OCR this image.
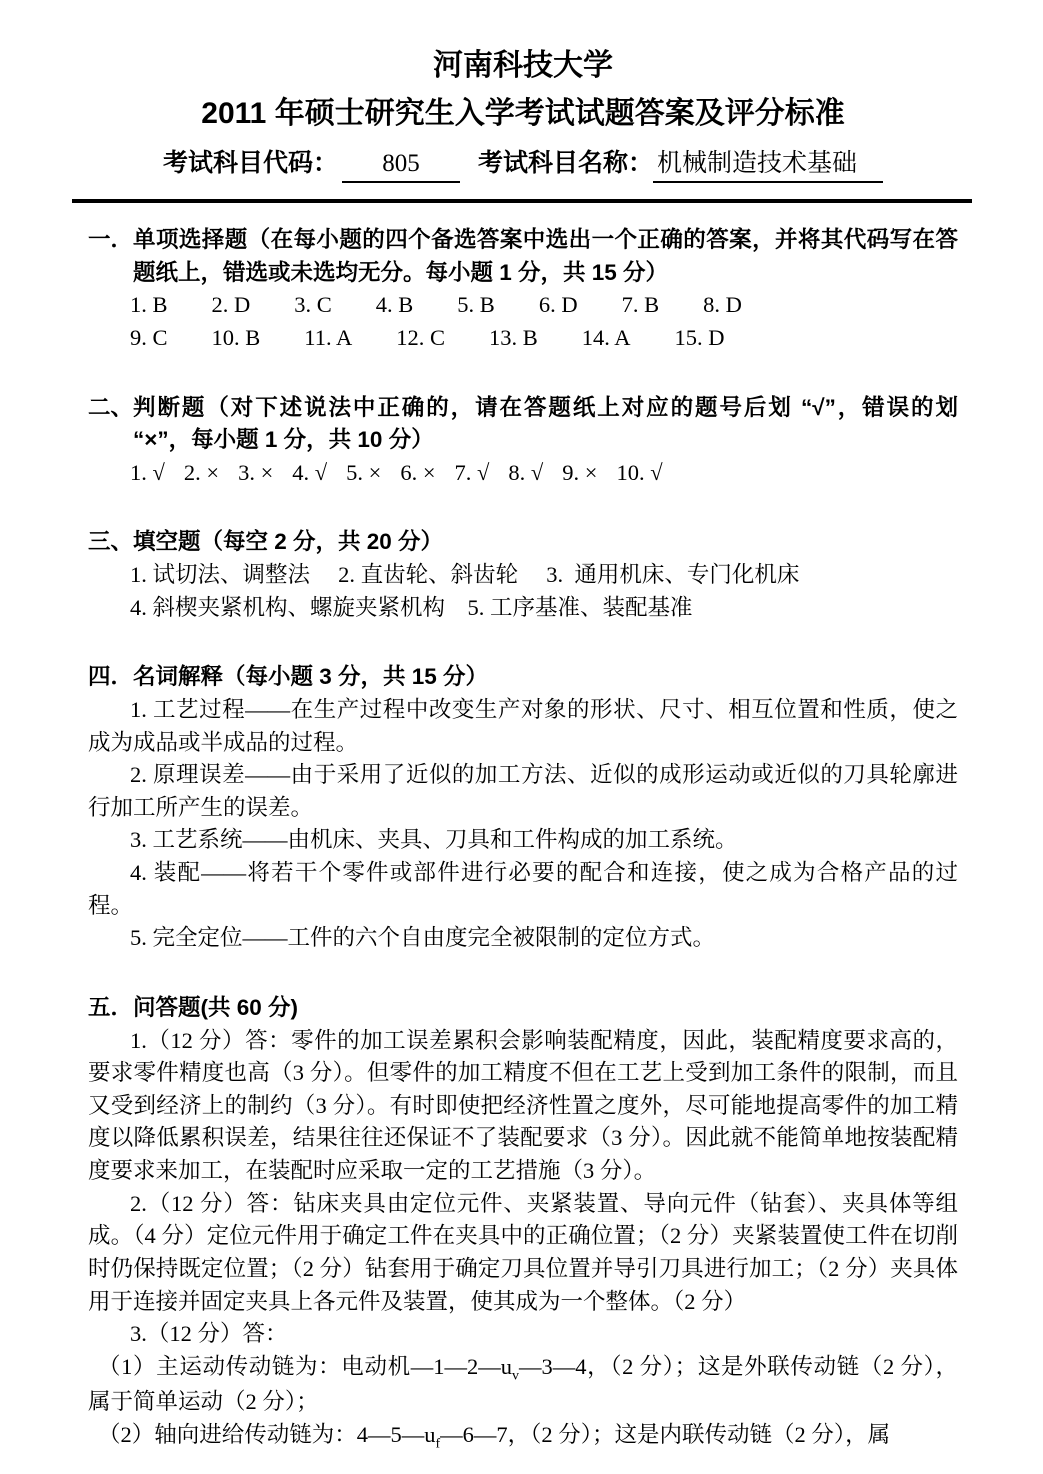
河南科技大学
2011 年硕士研究生入学考试试题答案及评分标准
考试科目代码： 805 考试科目名称： 机械制造技术基础
一． 单项选择题（在每小题的四个备选答案中选出一个正确的答案，并将其代码写在答题纸上，错选或未选均无分。每小题 1 分，共 15 分）
1. B 2. D 3. C 4. B 5. B 6. D 7. B 8. D
9. C 10. B 11. A 12. C 13. B 14. A 15. D
二、 判断题（对下述说法中正确的，请在答题纸上对应的题号后划 “√”，错误的划 “×”，每小题 1 分，共 10 分）
1. √ 2. × 3. × 4. √ 5. × 6. × 7. √ 8. √ 9. × 10. √
三、 填空题（每空 2 分，共 20 分）

1. 试切法、调整法     2. 直齿轮、斜齿轮     3.  通用机床、专门化机床

4. 斜楔夹紧机构、螺旋夹紧机构    5. 工序基准、装配基准

四． 名词解释（每小题 3 分，共 15 分）

1. 工艺过程——在生产过程中改变生产对象的形状、尺寸、相互位置和性质，使之成为成品或半成品的过程。

2. 原理误差——由于采用了近似的加工方法、近似的成形运动或近似的刀具轮廓进行加工所产生的误差。

3. 工艺系统——由机床、夹具、刀具和工件构成的加工系统。

4. 装配——将若干个零件或部件进行必要的配合和连接，使之成为合格产品的过程。

5. 完全定位——工件的六个自由度完全被限制的定位方式。

五． 问答题(共 60 分)

1.（12 分）答：零件的加工误差累积会影响装配精度，因此，装配精度要求高的，要求零件精度也高（3 分）。但零件的加工精度不但在工艺上受到加工条件的限制，而且又受到经济上的制约（3 分）。有时即使把经济性置之度外，尽可能地提高零件的加工精度以降低累积误差，结果往往还保证不了装配要求（3 分）。因此就不能简单地按装配精度要求来加工，在装配时应采取一定的工艺措施（3 分）。

2.（12 分）答：钻床夹具由定位元件、夹紧装置、导向元件（钻套）、夹具体等组成。（4 分）定位元件用于确定工件在夹具中的正确位置；（2 分）夹紧装置使工件在切削时仍保持既定位置；（2 分）钻套用于确定刀具位置并导引刀具进行加工；（2 分）夹具体用于连接并固定夹具上各元件及装置，使其成为一个整体。（2 分）

3.（12 分）答：

（1）主运动传动链为：电动机$—1—2—u_v—3—4$，（2 分）；这是外联传动链（2 分），属于简单运动（2 分）；

（2）轴向进给传动链为：$4—5—u_f—6—7$，（2 分）；这是内联传动链（2 分），属
